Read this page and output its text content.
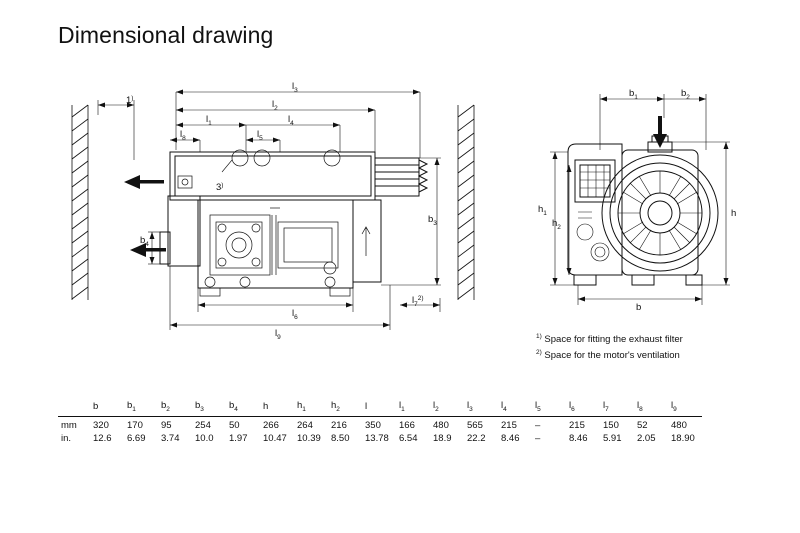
Dimensional drawing
$l_3$
$l_2$
$l_1$	$l_4$
$l_8$	$l_5$
$b_3$
$b_4$
$l_6$
$l_9$
$l_7^{2)}$
1)
3)
$b_1$	$b_2$
b
h
$h_1$
$h_2$
$^{1)}$ Space for fitting the exhaust filter
$^{2)}$ Space for the motor's ventilation
	b	$b_1$	$b_2$	$b_3$	$b_4$	h	$h_1$	$h_2$	l	$l_1$	$l_2$	$l_3$	$l_4$	$l_5$	$l_6$	$l_7$	$l_8$	$l_9$
mm	320	170	95	254	50	266	264	216	350	166	480	565	215	–	215	150	52	480
in.	12.6	6.69	3.74	10.0	1.97	10.47	10.39	8.50	13.78	6.54	18.9	22.2	8.46	–	8.46	5.91	2.05	18.90
